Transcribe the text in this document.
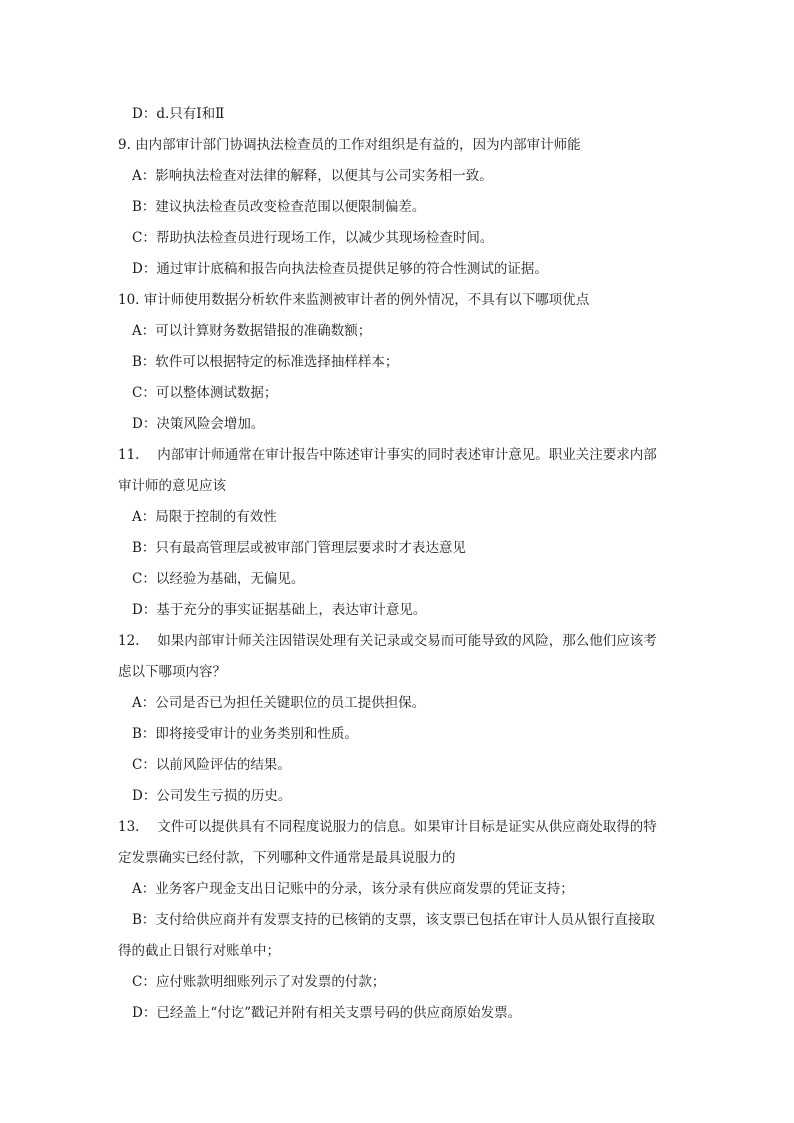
D：d.只有Ⅰ和Ⅱ
9. 由内部审计部门协调执法检查员的工作对组织是有益的，因为内部审计师能
A：影响执法检查对法律的解释，以便其与公司实务相一致。
B：建议执法检查员改变检查范围以便限制偏差。
C：帮助执法检查员进行现场工作，以减少其现场检查时间。
D：通过审计底稿和报告向执法检查员提供足够的符合性测试的证据。
10. 审计师使用数据分析软件来监测被审计者的例外情况，不具有以下哪项优点
A：可以计算财务数据错报的准确数额；
B：软件可以根据特定的标准选择抽样样本；
C：可以整体测试数据；
D：决策风险会增加。
11.　 内部审计师通常在审计报告中陈述审计事实的同时表述审计意见。职业关注要求内部
审计师的意见应该
A：局限于控制的有效性
B：只有最高管理层或被审部门管理层要求时才表达意见
C：以经验为基础，无偏见。
D：基于充分的事实证据基础上，表达审计意见。
12.　 如果内部审计师关注因错误处理有关记录或交易而可能导致的风险，那么他们应该考
虑以下哪项内容？
A：公司是否已为担任关键职位的员工提供担保。
B：即将接受审计的业务类别和性质。
C：以前风险评估的结果。
D：公司发生亏损的历史。
13.　 文件可以提供具有不同程度说服力的信息。如果审计目标是证实从供应商处取得的特
定发票确实已经付款，下列哪种文件通常是最具说服力的
A：业务客户现金支出日记账中的分录，该分录有供应商发票的凭证支持；
B：支付给供应商并有发票支持的已核销的支票，该支票已包括在审计人员从银行直接取
得的截止日银行对账单中；
C：应付账款明细账列示了对发票的付款；
D：已经盖上“付讫”戳记并附有相关支票号码的供应商原始发票。
